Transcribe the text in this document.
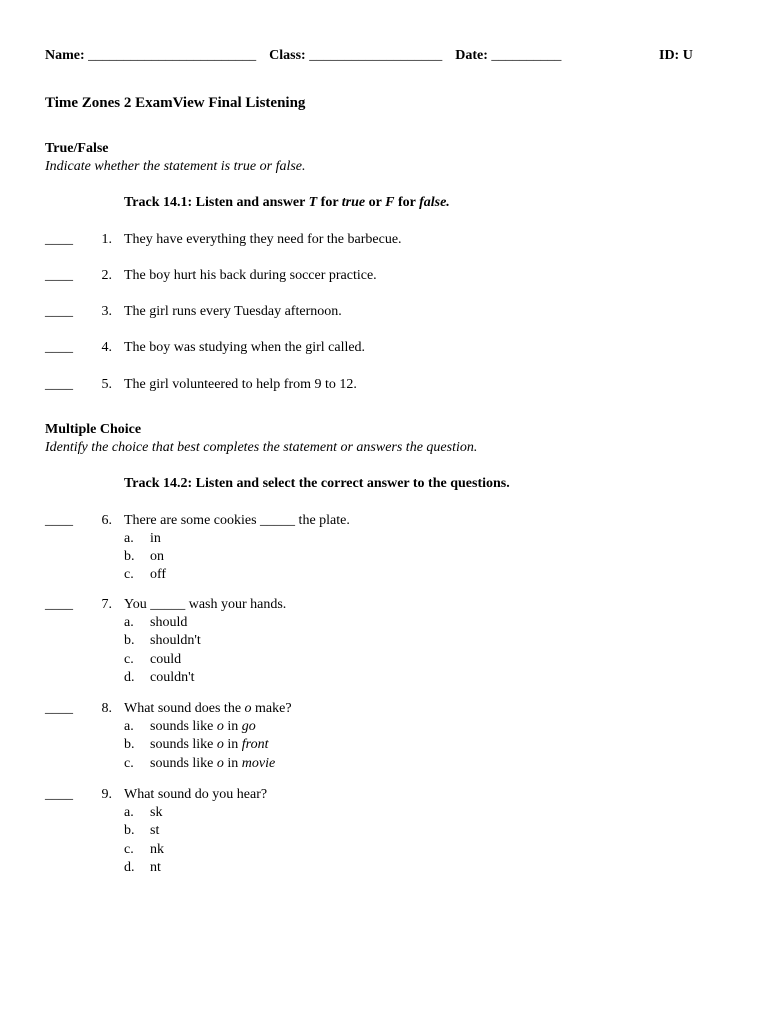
Name: ________________________ Class: ___________________ Date: __________	ID: U
Time Zones 2 ExamView Final Listening
True/False
Indicate whether the statement is true or false.
Track 14.1: Listen and answer T for true or F for false.
____	1. They have everything they need for the barbecue.
____	2. The boy hurt his back during soccer practice.
____	3. The girl runs every Tuesday afternoon.
____	4. The boy was studying when the girl called.
____	5. The girl volunteered to help from 9 to 12.
Multiple Choice
Identify the choice that best completes the statement or answers the question.
Track 14.2: Listen and select the correct answer to the questions.
____	6. There are some cookies _____ the plate.
a. in
b. on
c. off
____	7. You _____ wash your hands.
a. should
b. shouldn't
c. could
d. couldn't
____	8. What sound does the o make?
a. sounds like o in go
b. sounds like o in front
c. sounds like o in movie
____	9. What sound do you hear?
a. sk
b. st
c. nk
d. nt
